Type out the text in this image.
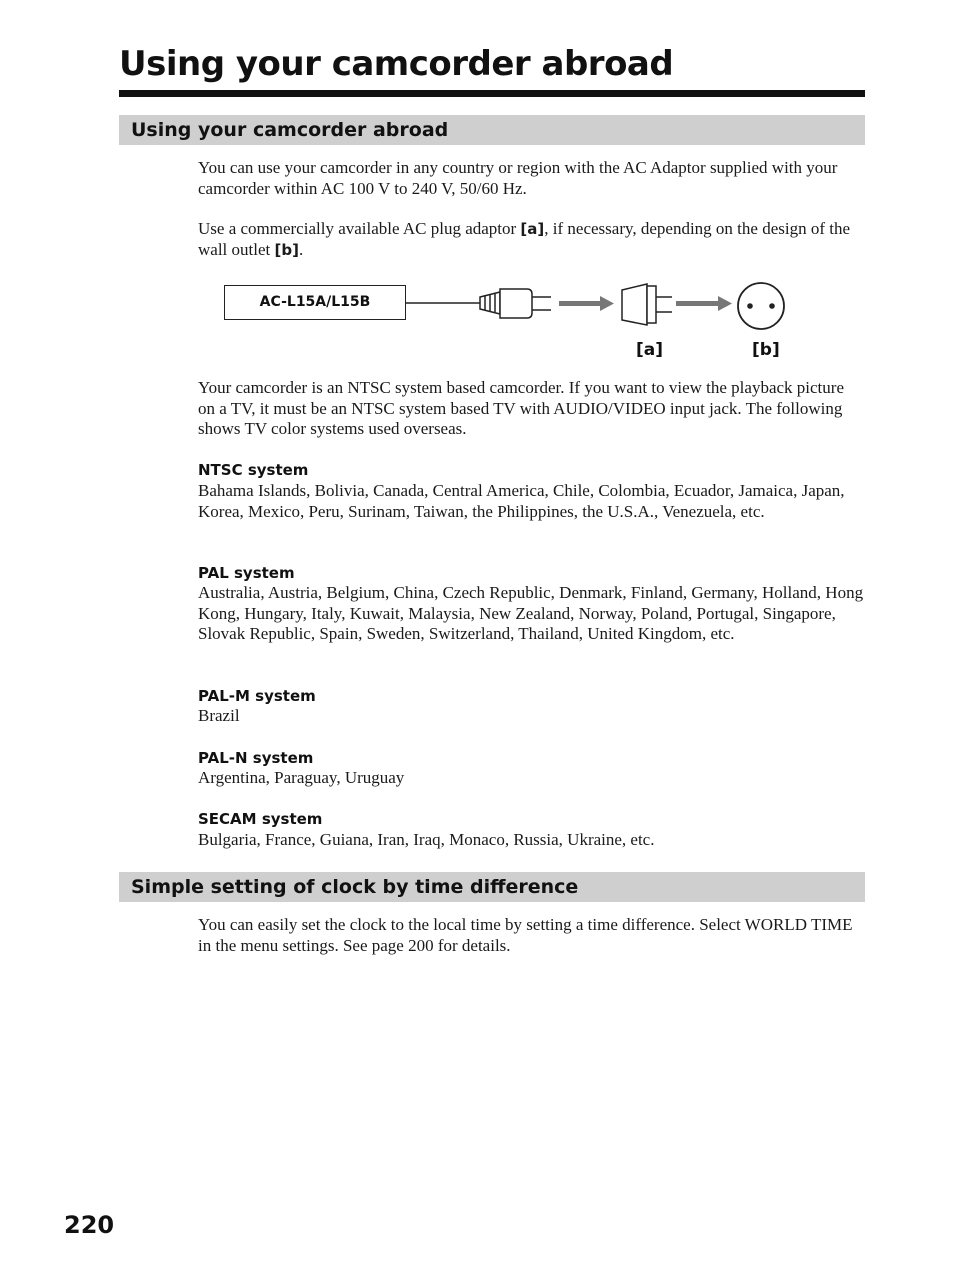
Using your camcorder abroad
Using your camcorder abroad

You can use your camcorder in any country or region with the AC Adaptor supplied with your camcorder within AC 100 V to 240 V, 50/60 Hz.

Use a commercially available AC plug adaptor [a], if necessary, depending on the design of the wall outlet [b].

AC-L15A/L15B
[a]	[b]

Your camcorder is an NTSC system based camcorder. If you want to view the playback picture on a TV, it must be an NTSC system based TV with AUDIO/VIDEO input jack. The following shows TV color systems used overseas.

NTSC system

Bahama Islands, Bolivia, Canada, Central America, Chile, Colombia, Ecuador, Jamaica, Japan, Korea, Mexico, Peru, Surinam, Taiwan, the Philippines, the U.S.A., Venezuela, etc.

PAL system

Australia, Austria, Belgium, China, Czech Republic, Denmark, Finland, Germany, Holland, Hong Kong, Hungary, Italy, Kuwait, Malaysia, New Zealand, Norway, Poland, Portugal, Singapore, Slovak Republic, Spain, Sweden, Switzerland, Thailand, United Kingdom, etc.

PAL-M system

Brazil

PAL-N system

Argentina, Paraguay, Uruguay

SECAM system

Bulgaria, France, Guiana, Iran, Iraq, Monaco, Russia, Ukraine, etc.

Simple setting of clock by time difference

You can easily set the clock to the local time by setting a time difference. Select WORLD TIME in the menu settings. See page 200 for details.

220
